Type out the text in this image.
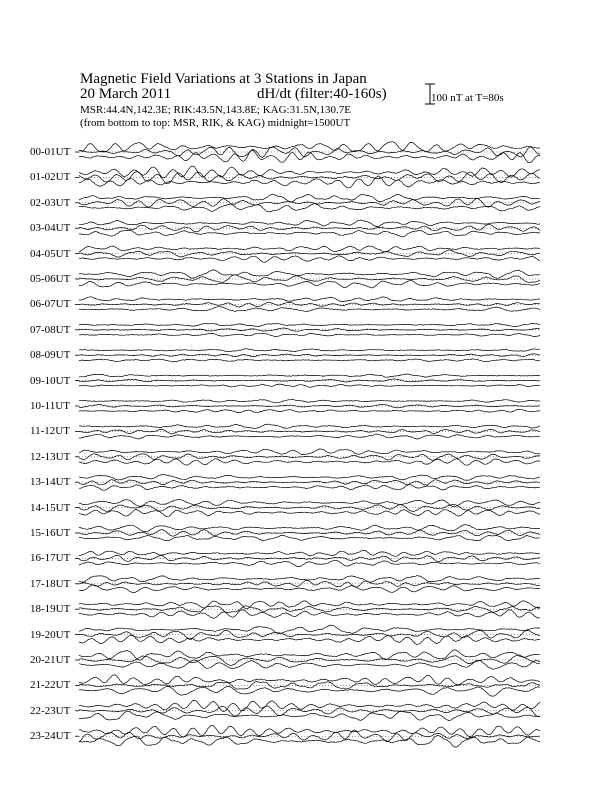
Magnetic Field Variations at 3 Stations in Japan
20 March 2011	dH/dt (filter:40-160s)	100 nT at T=80s
MSR:44.4N,142.3E; RIK:43.5N,143.8E; KAG:31.5N,130.7E
(from bottom to top: MSR, RIK, & KAG) midnight=1500UT
00-01UT
01-02UT
02-03UT
03-04UT
04-05UT
05-06UT
06-07UT
07-08UT
08-09UT
09-10UT
10-11UT
11-12UT
12-13UT
13-14UT
14-15UT
15-16UT
16-17UT
17-18UT
18-19UT
19-20UT
20-21UT
21-22UT
22-23UT
23-24UT
